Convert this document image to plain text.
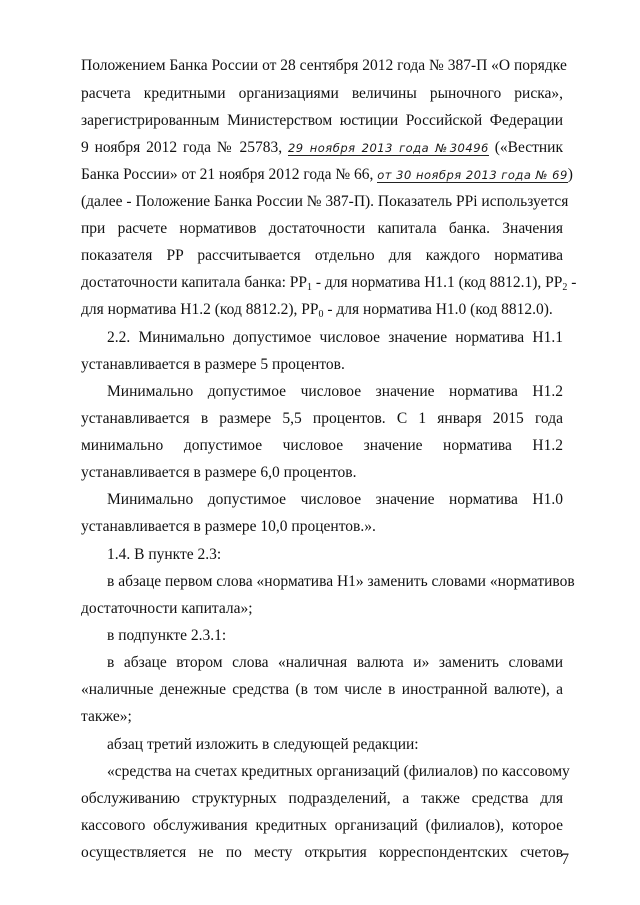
Положением Банка России от 28 сентября 2012 года № 387-П «О порядке
расчета кредитными организациями величины рыночного риска»,
зарегистрированным Министерством юстиции Российской Федерации
9 ноября 2012 года № 25783, 29 ноября 2013 года №30496 («Вестник
Банка России» от 21 ноября 2012 года № 66, от 30 ноября 2013 года № 69)
(далее - Положение Банка России № 387-П). Показатель PPi используется
при расчете нормативов достаточности капитала банка. Значения
показателя PP рассчитывается отдельно для каждого норматива
достаточности капитала банка: $PP_1$ - для норматива Н1.1 (код 8812.1), $PP_2$ -
для норматива Н1.2 (код 8812.2), $PP_0$ - для норматива Н1.0 (код 8812.0).
2.2. Минимально допустимое числовое значение норматива Н1.1
устанавливается в размере 5 процентов.
Минимально допустимое числовое значение норматива Н1.2
устанавливается в размере 5,5 процентов. С 1 января 2015 года
минимально допустимое числовое значение норматива Н1.2
устанавливается в размере 6,0 процентов.
Минимально допустимое числовое значение норматива Н1.0
устанавливается в размере 10,0 процентов.».
1.4. В пункте 2.3:
в абзаце первом слова «норматива Н1» заменить словами «нормативов
достаточности капитала»;
в подпункте 2.3.1:
в абзаце втором слова «наличная валюта и» заменить словами
«наличные денежные средства (в том числе в иностранной валюте), а
также»;
абзац третий изложить в следующей редакции:
«средства на счетах кредитных организаций (филиалов) по кассовому
обслуживанию структурных подразделений, а также средства для
кассового обслуживания кредитных организаций (филиалов), которое
осуществляется не по месту открытия корреспондентских счетов
7
